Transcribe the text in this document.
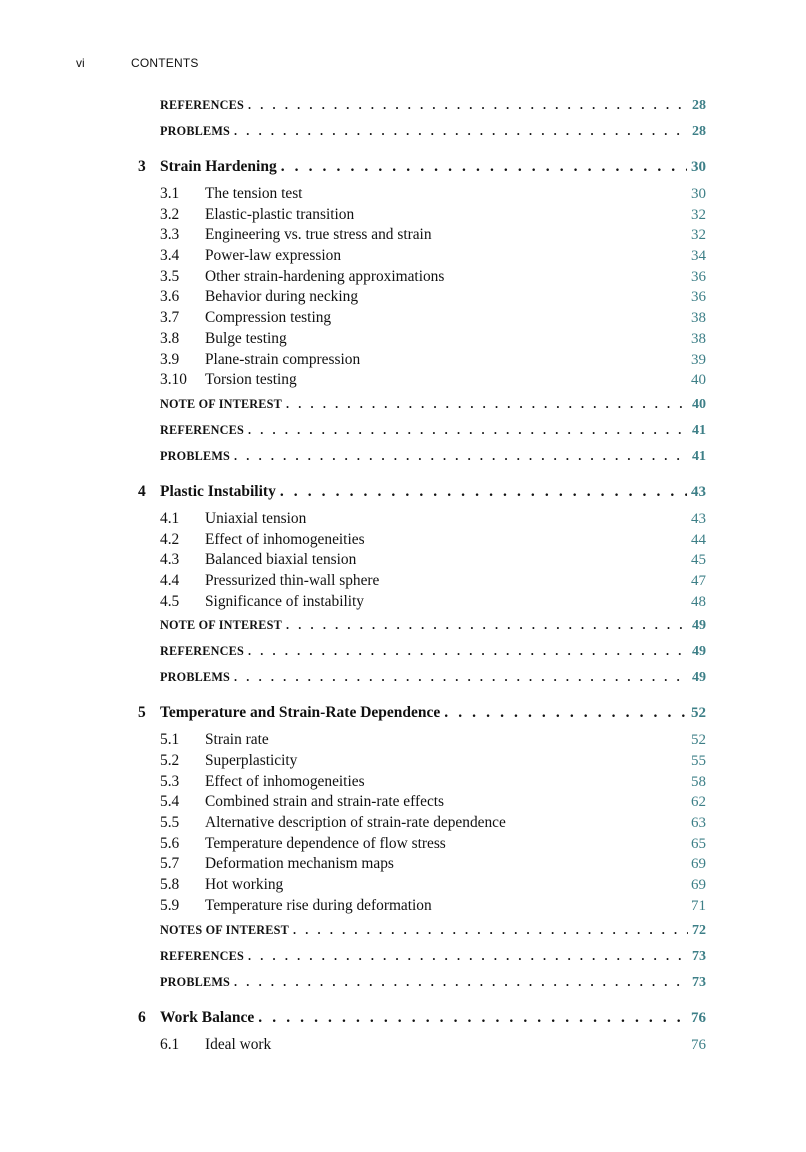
vi	CONTENTS
REFERENCES . . .	28
PROBLEMS . . .	28
3 Strain Hardening . . .	30
3.1	The tension test	30
3.2	Elastic-plastic transition	32
3.3	Engineering vs. true stress and strain	32
3.4	Power-law expression	34
3.5	Other strain-hardening approximations	36
3.6	Behavior during necking	36
3.7	Compression testing	38
3.8	Bulge testing	38
3.9	Plane-strain compression	39
3.10	Torsion testing	40
NOTE OF INTEREST . . .	40
REFERENCES . . .	41
PROBLEMS . . .	41
4 Plastic Instability . . .	43
4.1	Uniaxial tension	43
4.2	Effect of inhomogeneities	44
4.3	Balanced biaxial tension	45
4.4	Pressurized thin-wall sphere	47
4.5	Significance of instability	48
NOTE OF INTEREST . . .	49
REFERENCES . . .	49
PROBLEMS . . .	49
5 Temperature and Strain-Rate Dependence . . .	52
5.1	Strain rate	52
5.2	Superplasticity	55
5.3	Effect of inhomogeneities	58
5.4	Combined strain and strain-rate effects	62
5.5	Alternative description of strain-rate dependence	63
5.6	Temperature dependence of flow stress	65
5.7	Deformation mechanism maps	69
5.8	Hot working	69
5.9	Temperature rise during deformation	71
NOTES OF INTEREST . . .	72
REFERENCES . . .	73
PROBLEMS . . .	73
6 Work Balance . . .	76
6.1	Ideal work	76
